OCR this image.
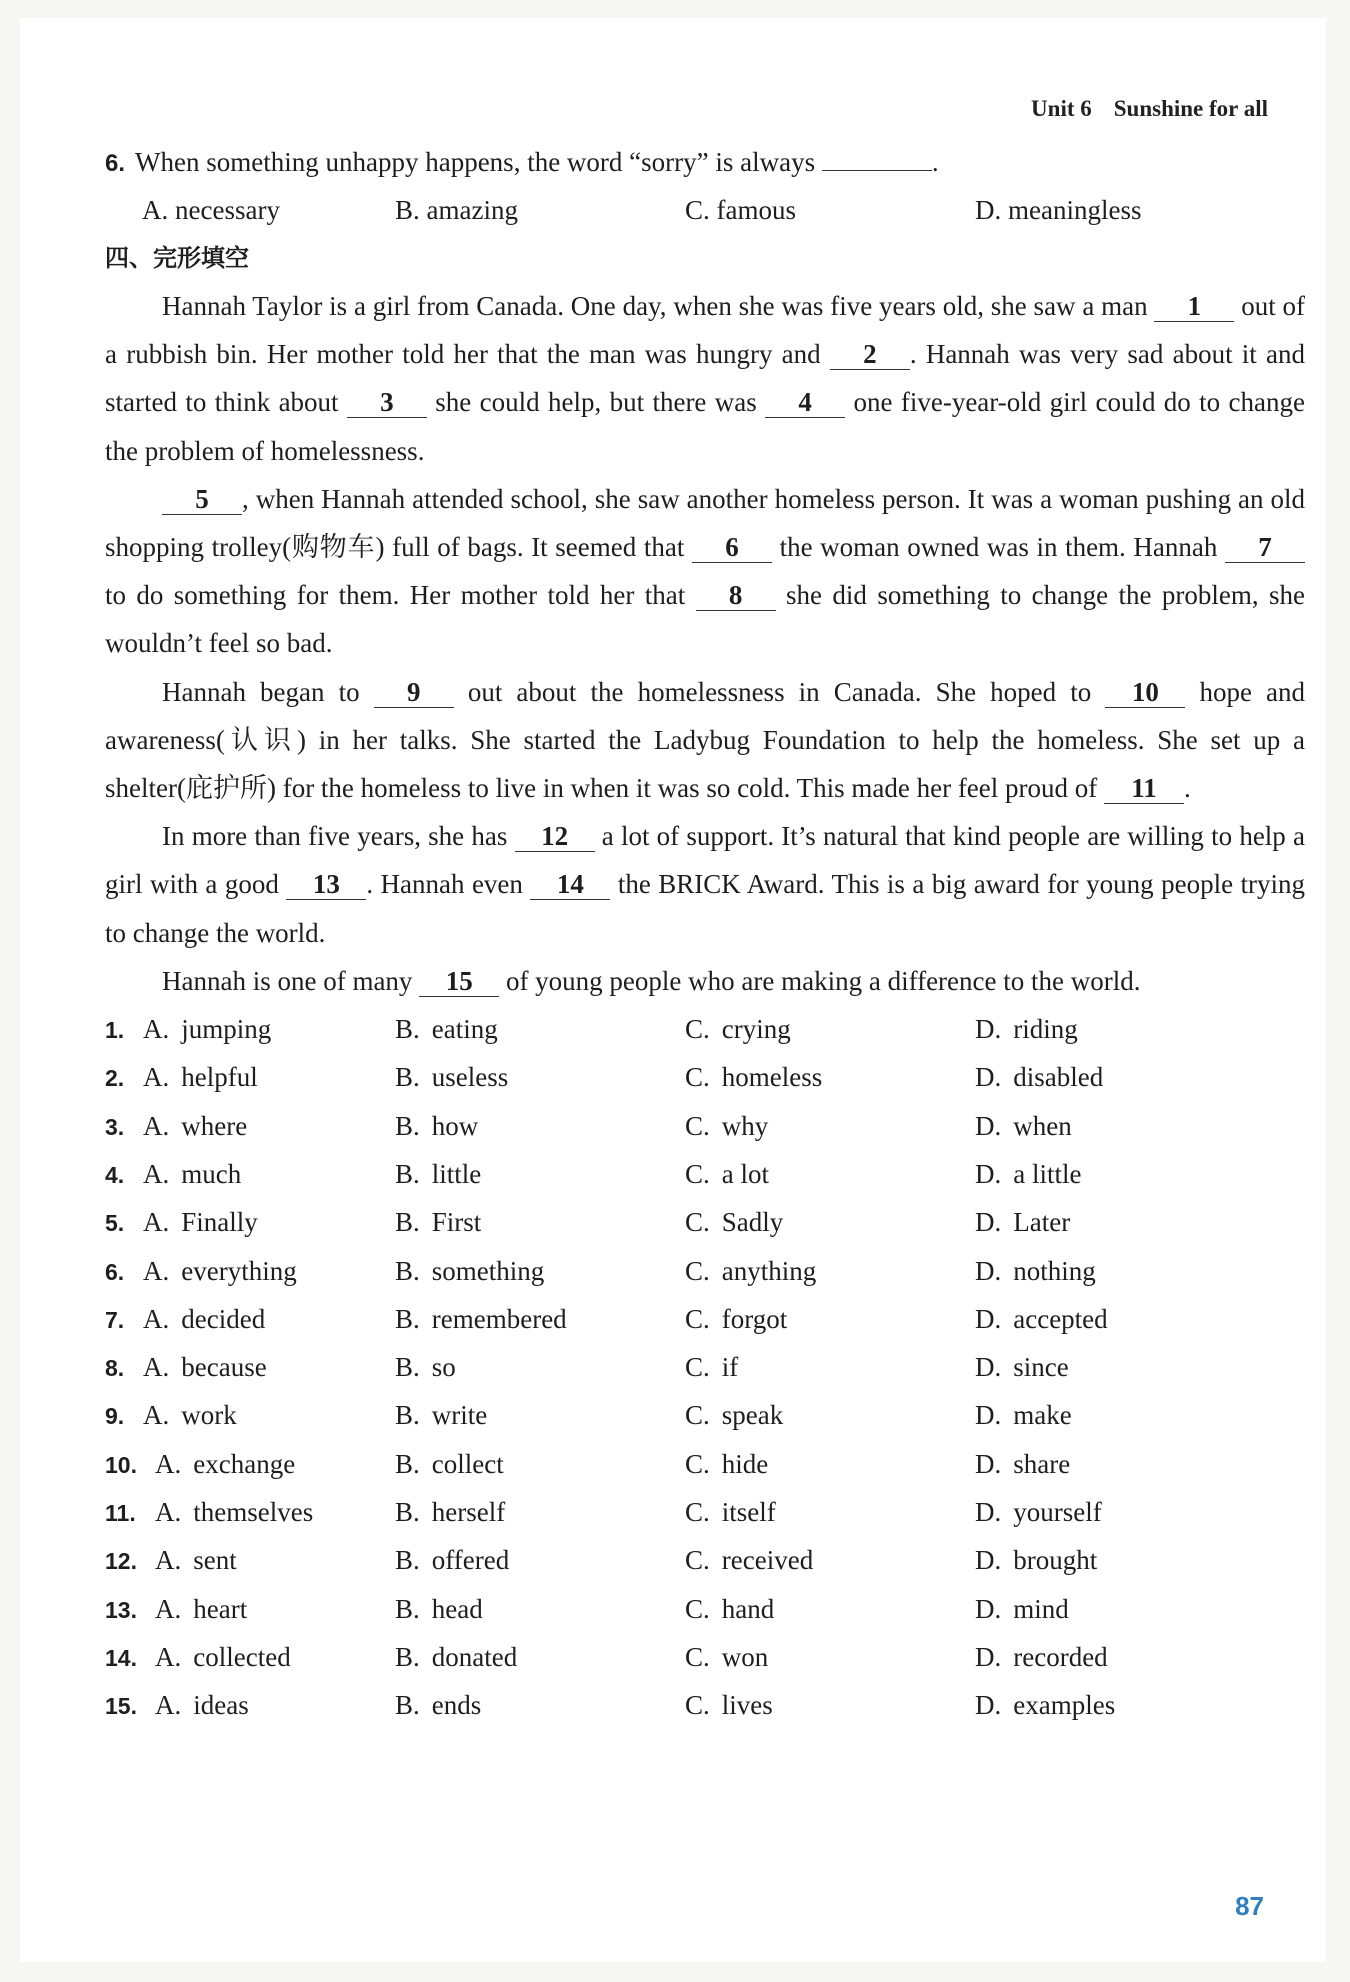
Unit 6 Sunshine for all
6. When something unhappy happens, the word “sorry” is always	.
A. necessary	B. amazing	C. famous	D. meaningless
四、完形填空

Hannah Taylor is a girl from Canada. One day, when she was five years old, she saw a man 1 out of a rubbish bin. Her mother told her that the man was hungry and 2 . Hannah was very sad about it and started to think about 3 she could help, but there was 4 one five-year-old girl could do to change the problem of homelessness.

5 , when Hannah attended school, she saw another homeless person. It was a woman pushing an old shopping trolley(购物车) full of bags. It seemed that 6 the woman owned was in them. Hannah 7 to do something for them. Her mother told her that 8 she did something to change the problem, she wouldn’t feel so bad.

Hannah began to 9 out about the homelessness in Canada. She hoped to 10 hope and awareness(认识) in her talks. She started the Ladybug Foundation to help the homeless. She set up a shelter(庇护所) for the homeless to live in when it was so cold. This made her feel proud of 11 .

In more than five years, she has 12 a lot of support. It’s natural that kind people are willing to help a girl with a good 13 . Hannah even 14 the BRICK Award. This is a big award for young people trying to change the world.

Hannah is one of many 15 of young people who are making a difference to the world.

1. A. jumping	B. eating	C. crying	D. riding
2. A. helpful	B. useless	C. homeless	D. disabled
3. A. where	B. how	C. why	D. when
4. A. much	B. little	C. a lot	D. a little
5. A. Finally	B. First	C. Sadly	D. Later
6. A. everything	B. something	C. anything	D. nothing
7. A. decided	B. remembered	C. forgot	D. accepted
8. A. because	B. so	C. if	D. since
9. A. work	B. write	C. speak	D. make
10. A. exchange	B. collect	C. hide	D. share
11. A. themselves	B. herself	C. itself	D. yourself
12. A. sent	B. offered	C. received	D. brought
13. A. heart	B. head	C. hand	D. mind
14. A. collected	B. donated	C. won	D. recorded
15. A. ideas	B. ends	C. lives	D. examples
87
